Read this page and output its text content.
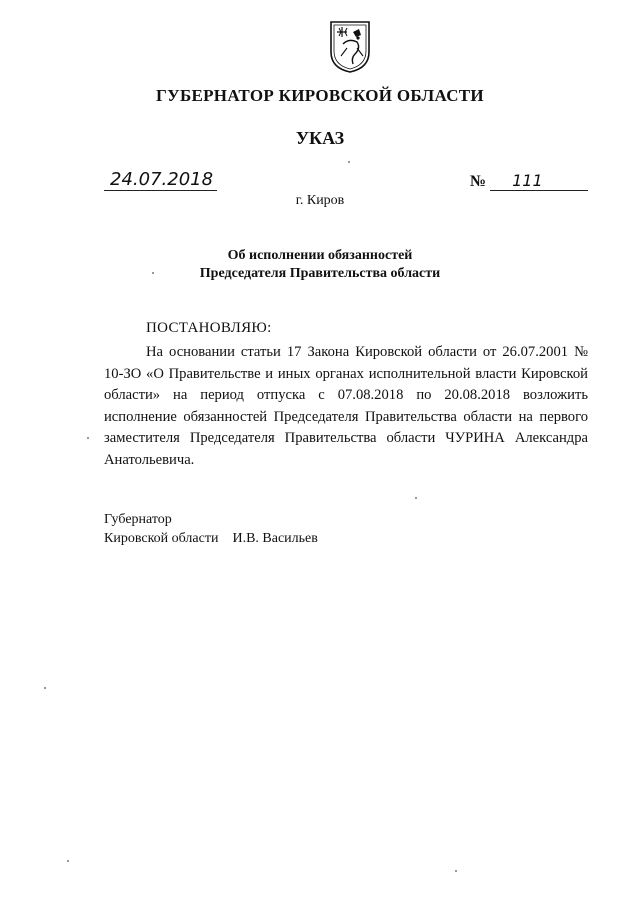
ГУБЕРНАТОР КИРОВСКОЙ ОБЛАСТИ
УКАЗ
24.07.2018	№ 111
г. Киров
Об исполнении обязанностей
Председателя Правительства области
ПОСТАНОВЛЯЮ:
На основании статьи 17 Закона Кировской области от 26.07.2001 № 10-ЗО «О Правительстве и иных органах исполнительной власти Кировской области» на период отпуска с 07.08.2018 по 20.08.2018 возложить исполнение обязанностей Председателя Правительства области на первого заместителя Председателя Правительства области ЧУРИНА Александра Анатольевича.
Губернатор
Кировской области И.В. Васильев
